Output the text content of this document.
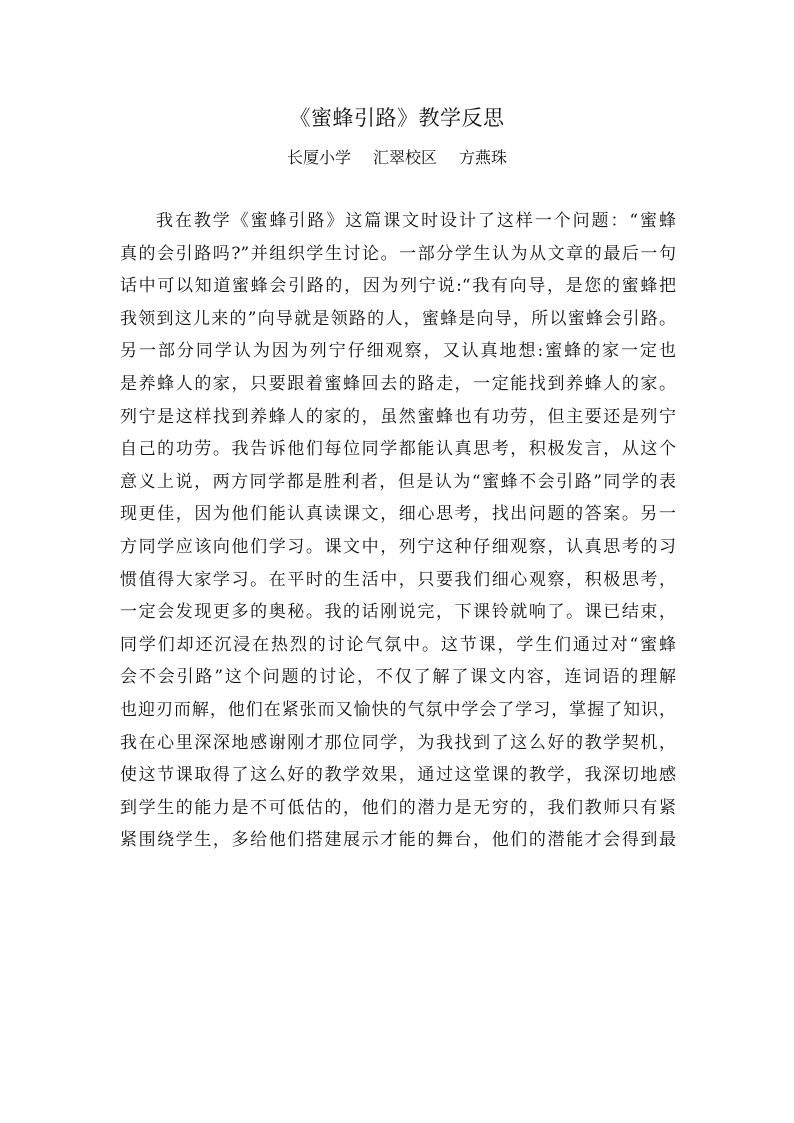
《蜜蜂引路》教学反思
长厦小学 汇翠校区 方燕珠
我在教学《蜜蜂引路》这篇课文时设计了这样一个问题：“蜜蜂
真的会引路吗?”并组织学生讨论。一部分学生认为从文章的最后一句
话中可以知道蜜蜂会引路的，因为列宁说:“我有向导，是您的蜜蜂把
我领到这儿来的”向导就是领路的人，蜜蜂是向导，所以蜜蜂会引路。
另一部分同学认为因为列宁仔细观察，又认真地想:蜜蜂的家一定也
是养蜂人的家，只要跟着蜜蜂回去的路走，一定能找到养蜂人的家。
列宁是这样找到养蜂人的家的，虽然蜜蜂也有功劳，但主要还是列宁
自己的功劳。我告诉他们每位同学都能认真思考，积极发言，从这个
意义上说，两方同学都是胜利者，但是认为“蜜蜂不会引路”同学的表
现更佳，因为他们能认真读课文，细心思考，找出问题的答案。另一
方同学应该向他们学习。课文中，列宁这种仔细观察，认真思考的习
惯值得大家学习。在平时的生活中，只要我们细心观察，积极思考，
一定会发现更多的奥秘。我的话刚说完，下课铃就响了。课已结束，
同学们却还沉浸在热烈的讨论气氛中。这节课，学生们通过对“蜜蜂
会不会引路”这个问题的讨论，不仅了解了课文内容，连词语的理解
也迎刃而解，他们在紧张而又愉快的气氛中学会了学习，掌握了知识，
我在心里深深地感谢刚才那位同学，为我找到了这么好的教学契机，
使这节课取得了这么好的教学效果，通过这堂课的教学，我深切地感
到学生的能力是不可低估的，他们的潜力是无穷的，我们教师只有紧
紧围绕学生，多给他们搭建展示才能的舞台，他们的潜能才会得到最
